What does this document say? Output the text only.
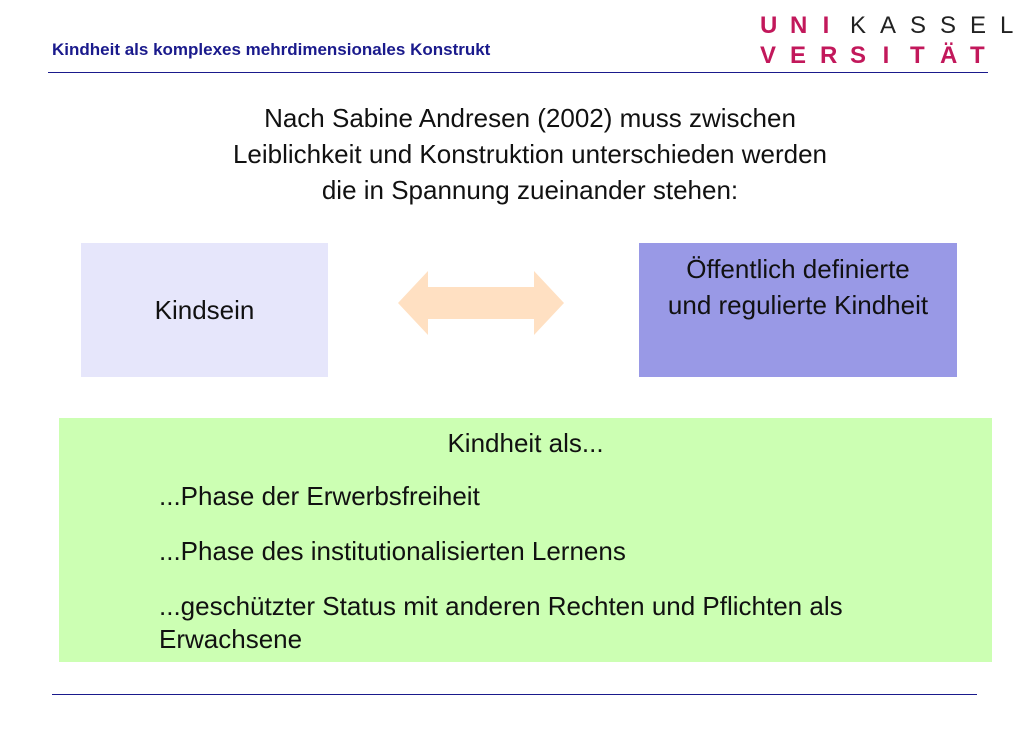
Kindheit als komplexes mehrdimensionales Konstrukt
U N I K A S S E L
V E R S I T Ä T
Nach Sabine Andresen (2002) muss zwischen
Leiblichkeit und Konstruktion unterschieden werden
die in Spannung zueinander stehen:
Kindsein
Öffentlich definierte
und regulierte Kindheit
Kindheit als...
...Phase der Erwerbsfreiheit
...Phase des institutionalisierten Lernens
...geschützter Status mit anderen Rechten und Pflichten als Erwachsene
